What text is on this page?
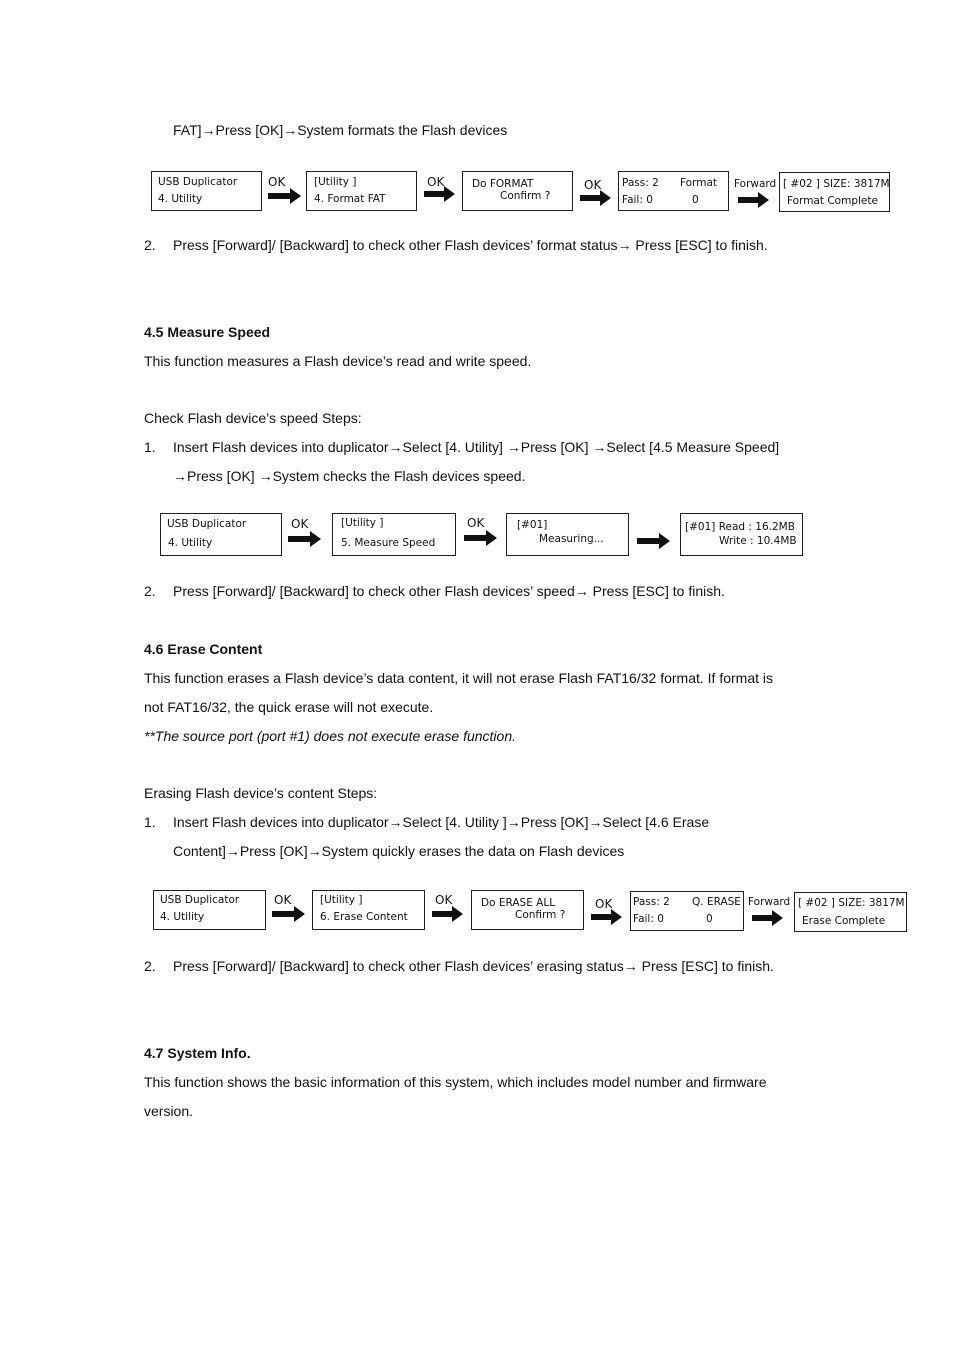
FAT]→Press [OK]→System formats the Flash devices
USB Duplicator
4. Utility
OK	[Utility ]
4. Format FAT
OK	Do FORMAT
Confirm ?
OK Pass: 2 Format
Fail: 0	0
Forward [ #02 ] SIZE: 3817M
Format Complete
2. Press [Forward]/ [Backward] to check other Flash devices’ format status→ Press [ESC] to finish.
4.5 Measure Speed
This function measures a Flash device’s read and write speed.
Check Flash device’s speed Steps:
1. Insert Flash devices into duplicator→Select [4. Utility] →Press [OK] →Select [4.5 Measure Speed]
→Press [OK] →System checks the Flash devices speed.
USB Duplicator
4. Utility
OK	[Utility ]
5. Measure Speed
OK	[#01]
Measuring...
[#01] Read : 16.2MB
Write : 10.4MB
2. Press [Forward]/ [Backward] to check other Flash devices’ speed→ Press [ESC] to finish.
4.6 Erase Content
This function erases a Flash device’s data content, it will not erase Flash FAT16/32 format. If format is
not FAT16/32, the quick erase will not execute.
**The source port (port #1) does not execute erase function.
Erasing Flash device’s content Steps:
1. Insert Flash devices into duplicator→Select [4. Utility ]→Press [OK]→Select [4.6 Erase
Content]→Press [OK]→System quickly erases the data on Flash devices
USB Duplicator
4. Utility
OK	[Utility ]
6. Erase Content
OK	Do ERASE ALL
Confirm ?
OK Pass: 2 Q. ERASE
Fail: 0	0
Forward [ #02 ] SIZE: 3817M
Erase Complete
2. Press [Forward]/ [Backward] to check other Flash devices’ erasing status→ Press [ESC] to finish.
4.7 System Info.
This function shows the basic information of this system, which includes model number and firmware
version.
